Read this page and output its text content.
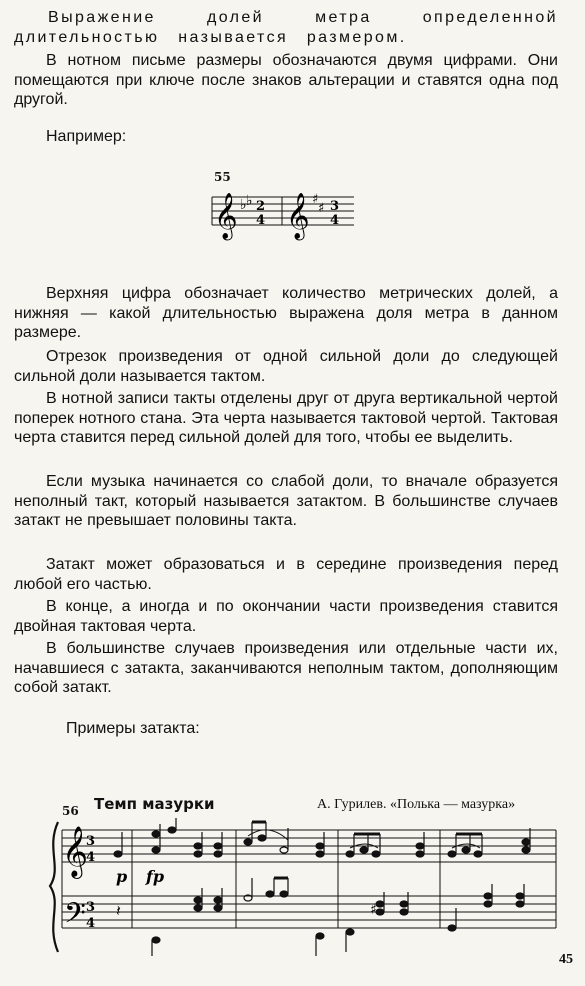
Выражение долей метра определенной длительностью называется размером.

В нотном письме размеры обозначаются двумя цифрами. Они помещаются при ключе после знаков альтерации и ставятся одна под другой.

Например:
55
𝄞 ♭ ♭ 2
4 𝄞 ♯
♯ 3
4

Верхняя цифра обозначает количество метрических долей, а нижняя — какой длительностью выражена доля метра в данном размере.

Отрезок произведения от одной сильной доли до следующей сильной доли называется тактом.

В нотной записи такты отделены друг от друга вертикальной чертой поперек нотного стана. Эта черта называется тактовой чертой. Тактовая черта ставится перед сильной долей для того, чтобы ее выделить.

Если музыка начинается со слабой доли, то вначале образуется неполный такт, который называется затактом. В большинстве случаев затакт не превышает половины такта.

Затакт может образоваться и в середине произведения перед любой его частью.

В конце, а иногда и по окончании части произведения ставится двойная тактовая черта.

В большинстве случаев произведения или отдельные части их, начавшиеся с затакта, заканчиваются неполным тактом, дополняющим собой затакт.

Примеры затакта:
56 Темп мазурки	А. Гурилев. «Полька — мазурка»
𝄞
𝄢
3
4
3
4
p fp
𝄽	♯
45
